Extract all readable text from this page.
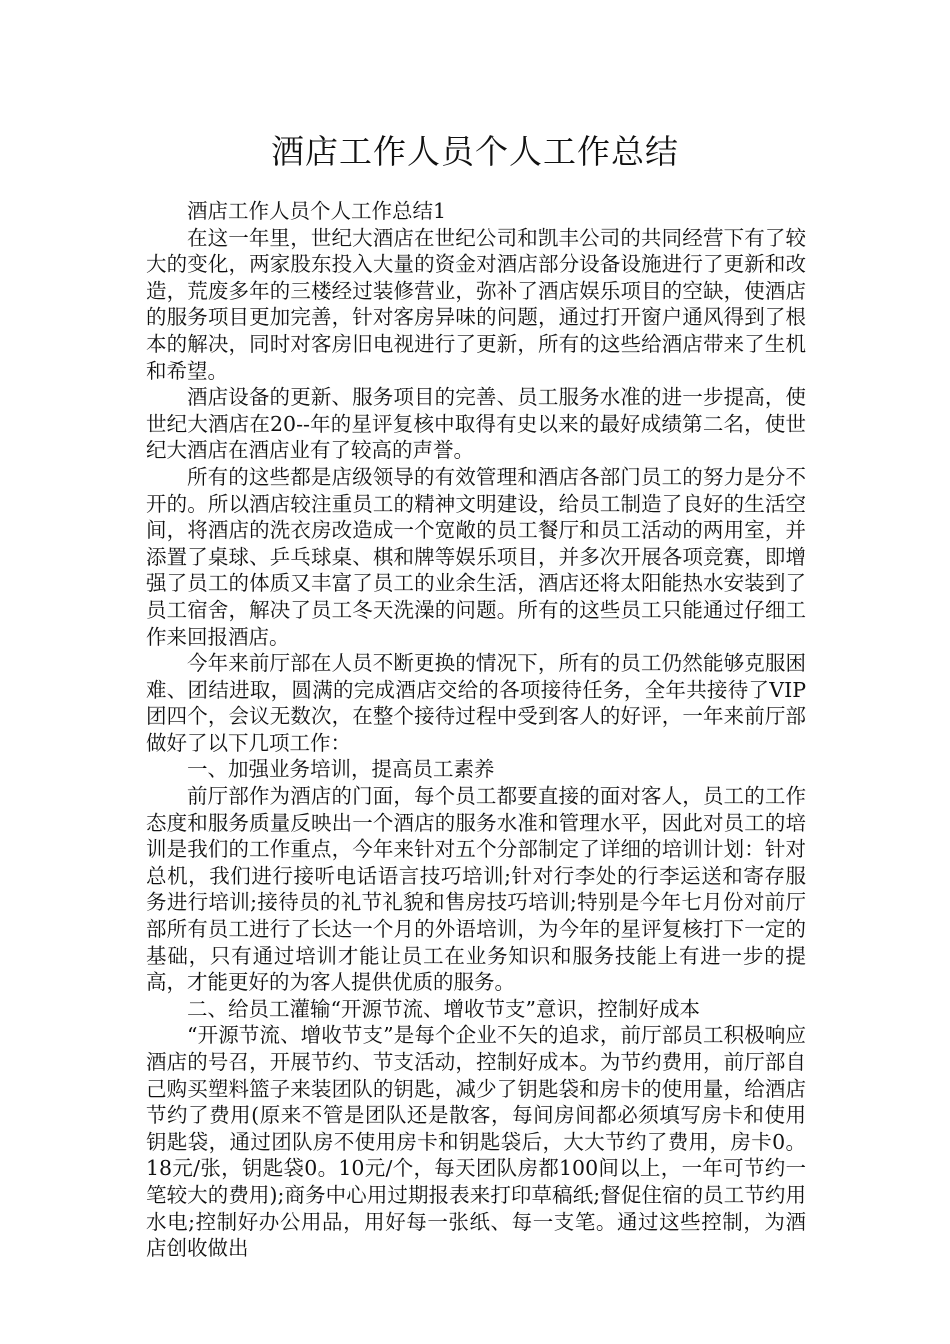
酒店工作人员个人工作总结

酒店工作人员个人工作总结1

在这一年里，世纪大酒店在世纪公司和凯丰公司的共同经营下有了较大的变化，两家股东投入大量的资金对酒店部分设备设施进行了更新和改造，荒废多年的三楼经过装修营业，弥补了酒店娱乐项目的空缺，使酒店的服务项目更加完善，针对客房异味的问题，通过打开窗户通风得到了根本的解决，同时对客房旧电视进行了更新，所有的这些给酒店带来了生机和希望。

酒店设备的更新、服务项目的完善、员工服务水准的进一步提高，使世纪大酒店在20--年的星评复核中取得有史以来的最好成绩第二名，使世纪大酒店在酒店业有了较高的声誉。

所有的这些都是店级领导的有效管理和酒店各部门员工的努力是分不开的。所以酒店较注重员工的精神文明建设，给员工制造了良好的生活空间，将酒店的洗衣房改造成一个宽敞的员工餐厅和员工活动的两用室，并添置了桌球、乒乓球桌、棋和牌等娱乐项目，并多次开展各项竞赛，即增强了员工的体质又丰富了员工的业余生活，酒店还将太阳能热水安装到了员工宿舍，解决了员工冬天洗澡的问题。所有的这些员工只能通过仔细工作来回报酒店。

今年来前厅部在人员不断更换的情况下，所有的员工仍然能够克服困难、团结进取，圆满的完成酒店交给的各项接待任务，全年共接待了VIP团四个，会议无数次，在整个接待过程中受到客人的好评，一年来前厅部做好了以下几项工作：

一、加强业务培训，提高员工素养

前厅部作为酒店的门面，每个员工都要直接的面对客人，员工的工作态度和服务质量反映出一个酒店的服务水准和管理水平，因此对员工的培训是我们的工作重点，今年来针对五个分部制定了详细的培训计划：针对总机，我们进行接听电话语言技巧培训;针对行李处的行李运送和寄存服务进行培训;接待员的礼节礼貌和售房技巧培训;特别是今年七月份对前厅部所有员工进行了长达一个月的外语培训，为今年的星评复核打下一定的基础，只有通过培训才能让员工在业务知识和服务技能上有进一步的提高，才能更好的为客人提供优质的服务。

二、给员工灌输“开源节流、增收节支”意识，控制好成本

“开源节流、增收节支”是每个企业不矢的追求，前厅部员工积极响应酒店的号召，开展节约、节支活动，控制好成本。为节约费用，前厅部自己购买塑料篮子来装团队的钥匙，减少了钥匙袋和房卡的使用量，给酒店节约了费用(原来不管是团队还是散客，每间房间都必须填写房卡和使用钥匙袋，通过团队房不使用房卡和钥匙袋后，大大节约了费用，房卡0。18元/张，钥匙袋0。10元/个，每天团队房都100间以上，一年可节约一笔较大的费用);商务中心用过期报表来打印草稿纸;督促住宿的员工节约用水电;控制好办公用品，用好每一张纸、每一支笔。通过这些控制，为酒店创收做出
